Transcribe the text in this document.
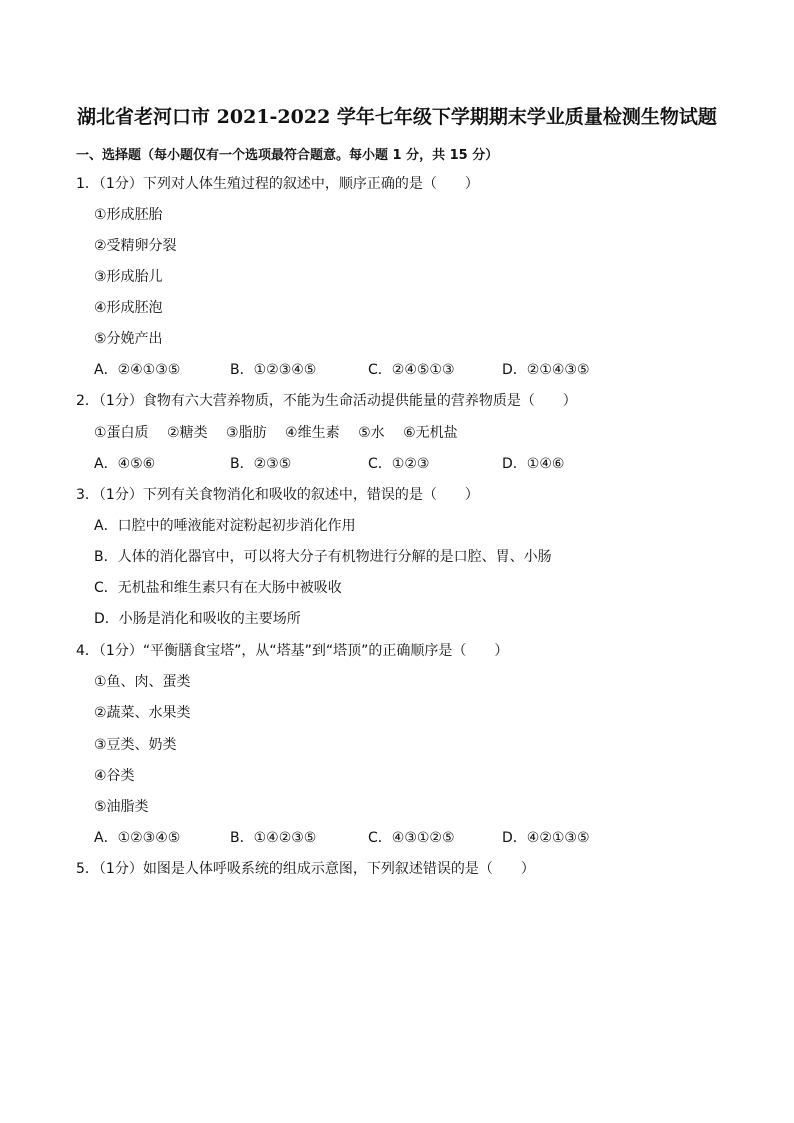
湖北省老河口市 2021-2022 学年七年级下学期期末学业质量检测生物试题
一、选择题（每小题仅有一个选项最符合题意。每小题 1 分，共 15 分）
1．（1分）下列对人体生殖过程的叙述中，顺序正确的是（　　）
①形成胚胎
②受精卵分裂
③形成胎儿
④形成胚泡
⑤分娩产出
A．②④①③⑤	B．①②③④⑤	C．②④⑤①③	D．②①④③⑤
2．（1分）食物有六大营养物质，不能为生命活动提供能量的营养物质是（　　）
①蛋白质 ②糖类 ③脂肪 ④维生素 ⑤水 ⑥无机盐
A．④⑤⑥	B．②③⑤	C．①②③	D．①④⑥
3．（1分）下列有关食物消化和吸收的叙述中，错误的是（　　）
A．口腔中的唾液能对淀粉起初步消化作用
B．人体的消化器官中，可以将大分子有机物进行分解的是口腔、胃、小肠
C．无机盐和维生素只有在大肠中被吸收
D．小肠是消化和吸收的主要场所
4．（1分）“平衡膳食宝塔”，从“塔基”到“塔顶”的正确顺序是（　　）
①鱼、肉、蛋类
②蔬菜、水果类
③豆类、奶类
④谷类
⑤油脂类
A．①②③④⑤	B．①④②③⑤	C．④③①②⑤	D．④②①③⑤
5．（1分）如图是人体呼吸系统的组成示意图，下列叙述错误的是（　　）
